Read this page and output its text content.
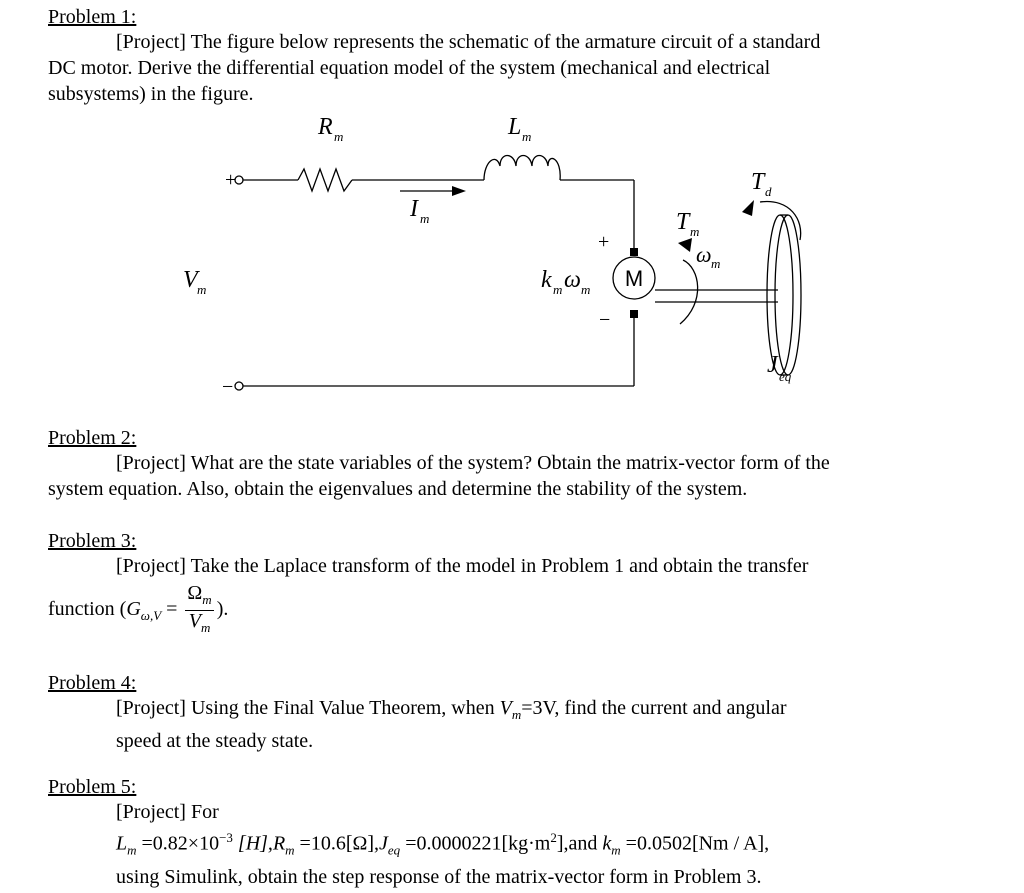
Problem 1:
[Project] The figure below represents the schematic of the armature circuit of a standard
DC motor. Derive the differential equation model of the system (mechanical and electrical
subsystems) in the figure.
+
−
R m	L m
I m
V m	k m ω m
+
−
M
T m
ω m
T d
J eq
Problem 2:
[Project] What are the state variables of the system? Obtain the matrix-vector form of the
system equation. Also, obtain the eigenvalues and determine the stability of the system.
Problem 3:
[Project] Take the Laplace transform of the model in Problem 1 and obtain the transfer
function ($G_{\omega,V} = \frac{\Omega_m}{V_m}$ ).
Problem 4:
[Project] Using the Final Value Theorem, when $V_m=3V$, find the current and angular
speed at the steady state.
Problem 5:
[Project] For
$L_m =0.82\times 10^{-3}$ $[H],R_m =10.6[\Omega],J_{eq} =0.0000221[kg\cdot m^2],and$ $k_m =0.0502[Nm / A]$,
using Simulink, obtain the step response of the matrix-vector form in Problem 3.
